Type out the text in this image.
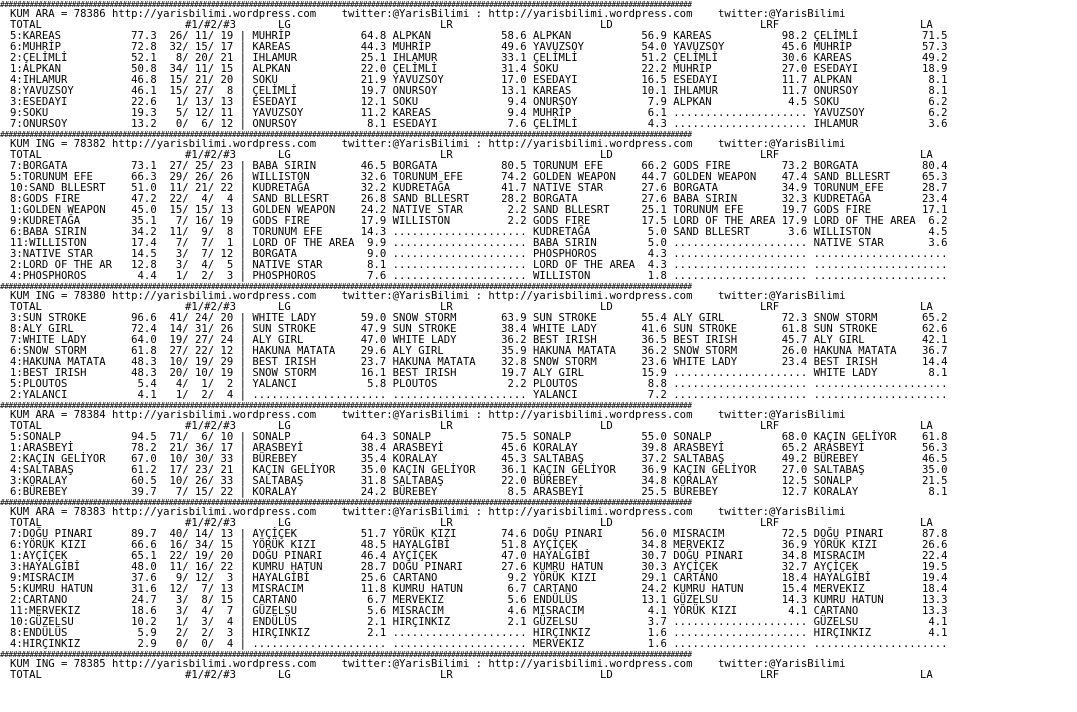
####################################################################################################################################################################
KUM ARA = 78386 http://yarisbilimi.wordpress.com    twitter:@YarisBilimi : http://yarisbilimi.wordpress.com    twitter:@YarisBilimi
TOTAL	#1/#2/#3	LG	LR	LD	LRF	LA
5:KAREAS           77.3  26/ 11/ 19 | MUHRİP           64.8 ALPKAN           58.6 ALPKAN           56.9 KAREAS           98.2 ÇELİMLİ          71.5
6:MUHRİP           72.8  32/ 15/ 17 | KAREAS           44.3 MUHRİP           49.6 YAVUZSOY         54.0 YAVUZSOY         45.6 MUHRİP           57.3
2:ÇELİMLİ          52.1   8/ 20/ 21 | IHLAMUR          25.1 IHLAMUR          33.1 ÇELİMLİ          51.2 ÇELİMLİ          30.6 KAREAS           49.2
1:ALPKAN           50.8  34/ 11/ 15 | ALPKAN           22.0 ÇELİMLİ          31.4 SOKU             22.2 MUHRİP           27.0 ESEDAYI          18.9
4:IHLAMUR          46.8  15/ 21/ 20 | SOKU             21.9 YAVUZSOY         17.0 ESEDAYI          16.5 ESEDAYI          11.7 ALPKAN            8.1
8:YAVUZSOY         46.1  15/ 27/  8 | ÇELİMLİ          19.7 ONURSOY          13.1 KAREAS           10.1 IHLAMUR          11.7 ONURSOY           8.1
3:ESEDAYI          22.6   1/ 13/ 13 | ESEDAYI          12.1 SOKU              9.4 ONURSOY           7.9 ALPKAN            4.5 SOKU              6.2
9:SOKU             19.3   5/ 12/ 11 | YAVUZSOY         11.2 KAREAS            9.4 MUHRİP            6.1 ..................... YAVUZSOY          6.2
7:ONURSOY          13.2   0/  6/ 12 | ONURSOY           8.1 ESEDAYI           7.6 ÇELİMLİ           4.3 ..................... IHLAMUR           3.6
####################################################################################################################################################################
KUM ING = 78382 http://yarisbilimi.wordpress.com    twitter:@YarisBilimi : http://yarisbilimi.wordpress.com    twitter:@YarisBilimi
TOTAL	#1/#2/#3	LG	LR	LD	LRF	LA
7:BORGATA          73.1  27/ 25/ 23 | BABA SIRIN       46.5 BORGATA          80.5 TORUNUM EFE      66.2 GODS FIRE        73.2 BORGATA          80.4
5:TORUNUM EFE      66.3  29/ 26/ 26 | WILLISTON        32.6 TORUNUM EFE      74.2 GOLDEN WEAPON    44.7 GOLDEN WEAPON    47.4 SAND BLLESRT     65.3
10:SAND BLLESRT    51.0  11/ 21/ 22 | KUDRETAĞA        32.2 KUDRETAĞA        41.7 NATIVE STAR      27.6 BORGATA          34.9 TORUNUM EFE      28.7
8:GODS FIRE        47.2  22/  4/  4 | SAND BLLESRT     26.8 SAND BLLESRT     28.2 BORGATA          27.6 BABA SIRIN       32.3 KUDRETAĞA        23.4
1:GOLDEN WEAPON    45.0  15/ 15/ 13 | GOLDEN WEAPON    24.2 NATIVE STAR       2.2 SAND BLLESRT     25.1 TORUNUM EFE      19.7 GODS FIRE        17.1
9:KUDRETAĞA        35.1   7/ 16/ 19 | GODS FIRE        17.9 WILLISTON         2.2 GODS FIRE        17.5 LORD OF THE AREA 17.9 LORD OF THE AREA  6.2
6:BABA SIRIN       34.2  11/  9/  8 | TORUNUM EFE      14.3 ..................... KUDRETAĞA         5.0 SAND BLLESRT      3.6 WILLISTON         4.5
11:WILLISTON       17.4   7/  7/  1 | LORD OF THE AREA  9.9 ..................... BABA SIRIN        5.0 ..................... NATIVE STAR       3.6
3:NATIVE STAR      14.5   3/  7/ 12 | BORGATA           9.0 ..................... PHOSPHOROS        4.3 ..................... .....................
2:LORD OF THE AR   12.8   3/  4/  5 | NATIVE STAR       8.1 ..................... LORD OF THE AREA  4.3 ..................... .....................
4:PHOSPHOROS        4.4   1/  2/  3 | PHOSPHOROS        7.6 ..................... WILLISTON         1.8 ..................... .....................
####################################################################################################################################################################
KUM ING = 78380 http://yarisbilimi.wordpress.com    twitter:@YarisBilimi : http://yarisbilimi.wordpress.com    twitter:@YarisBilimi
TOTAL	#1/#2/#3	LG	LR	LD	LRF	LA
3:SUN STROKE       96.6  41/ 24/ 20 | WHITE LADY       59.0 SNOW STORM       63.9 SUN STROKE       55.4 ALY GIRL         72.3 SNOW STORM       65.2
8:ALY GIRL         72.4  14/ 31/ 26 | SUN STROKE       47.9 SUN STROKE       38.4 WHITE LADY       41.6 SUN STROKE       61.8 SUN STROKE       62.6
7:WHITE LADY       64.0  19/ 27/ 24 | ALY GIRL         47.0 WHITE LADY       36.2 BEST IRISH       36.5 BEST IRISH       45.7 ALY GIRL         42.1
6:SNOW STORM       61.8  27/ 22/ 12 | HAKUNA MATATA    29.6 ALY GIRL         35.9 HAKUNA MATATA    36.2 SNOW STORM       26.0 HAKUNA MATATA    36.7
4:HAKUNA MATATA    48.3  10/ 19/ 29 | BEST IRISH       23.7 HAKUNA MATATA    32.8 SNOW STORM       23.6 WHITE LADY       23.4 BEST IRISH       14.4
1:BEST IRISH       48.3  20/ 10/ 19 | SNOW STORM       16.1 BEST IRISH       19.7 ALY GIRL         15.9 ..................... WHITE LADY        8.1
5:PLOUTOS           5.4   4/  1/  2 | YALANCI           5.8 PLOUTOS           2.2 PLOUTOS           8.8 ..................... .....................
2:YALANCI           4.1   1/  2/  4 | ..................... ..................... YALANCI           7.2 ..................... .....................
####################################################################################################################################################################
KUM ARA = 78384 http://yarisbilimi.wordpress.com    twitter:@YarisBilimi : http://yarisbilimi.wordpress.com    twitter:@YarisBilimi
TOTAL	#1/#2/#3	LG	LR	LD	LRF	LA
5:SONALP           94.5  71/  6/ 10 | SONALP           64.3 SONALP           75.5 SONALP           55.0 SONALP           68.0 KAÇIN GELİYOR    61.8
1:ARASBEYİ         78.2  21/ 36/ 17 | ARASBEYİ         38.4 ARASBEYİ         45.6 KORALAY          39.8 ARASBEYİ         65.2 ARASBEYİ         56.3
2:KAÇIN GELİYOR    67.0  10/ 30/ 33 | BÜREBEY          35.4 KORALAY          45.3 SALTABAŞ         37.2 SALTABAŞ         49.2 BÜREBEY          46.5
4:SALTABAŞ         61.2  17/ 23/ 21 | KAÇIN GELİYOR    35.0 KAÇIN GELİYOR    36.1 KAÇIN GELİYOR    36.9 KAÇIN GELİYOR    27.0 SALTABAŞ         35.0
3:KORALAY          60.5  10/ 26/ 33 | SALTABAŞ         31.8 SALTABAŞ         22.0 BÜREBEY          34.8 KORALAY          12.5 SONALP           21.5
6:BÜREBEY          39.7   7/ 15/ 22 | KORALAY          24.2 BÜREBEY           8.5 ARASBEYİ         25.5 BÜREBEY          12.7 KORALAY           8.1
####################################################################################################################################################################
KUM ARA = 78383 http://yarisbilimi.wordpress.com    twitter:@YarisBilimi : http://yarisbilimi.wordpress.com    twitter:@YarisBilimi
TOTAL	#1/#2/#3	LG	LR	LD	LRF	LA
7:DOĞU PINARI      89.7  40/ 14/ 13 | AYÇİÇEK          51.7 YÖRÜK KIZI       74.6 DOĞU PINARI      56.0 MISRACIM         72.5 DOĞU PINARI      87.8
6:YÖRÜK KIZI       66.6  16/ 34/ 15 | YÖRÜK KIZI       48.5 HAYALGİBİ        51.8 AYÇİÇEK          34.8 MERVEKIZ         36.9 YÖRÜK KIZI       26.6
1:AYÇİÇEK          65.1  22/ 19/ 20 | DOĞU PINARI      46.4 AYÇİÇEK          47.0 HAYALGİBİ        30.7 DOĞU PINARI      34.8 MISRACIM         22.4
3:HAYALGİBİ        48.0  11/ 16/ 22 | KUMRU HATUN      28.7 DOĞU PINARI      27.6 KUMRU HATUN      30.3 AYÇİÇEK          32.7 AYÇİÇEK          19.5
9:MISRACIM         37.6   9/ 12/  3 | HAYALGİBİ        25.6 CARTANO           9.2 YÖRÜK KIZI       29.1 CARTANO          18.4 HAYALGİBİ        19.4
5:KUMRU HATUN      31.6  12/  7/ 13 | MISRACIM         11.8 KUMRU HATUN       6.7 CARTANO          24.2 KUMRU HATUN      15.4 MERVEKIZ         18.4
2:CARTANO          24.7   3/  8/ 15 | CARTANO           6.7 MERVEKIZ          5.6 ENDÜLÜS          13.1 GÜZELSU          14.3 KUMRU HATUN      13.3
11:MERVEKIZ        18.6   3/  4/  7 | GÜZELSU           5.6 MISRACIM          4.6 MISRACIM          4.1 YÖRÜK KIZI        4.1 CARTANO          13.3
10:GÜZELSU         10.2   1/  3/  4 | ENDÜLÜS           2.1 HIRÇINKIZ         2.1 GÜZELSU           3.7 ..................... GÜZELSU           4.1
8:ENDÜLÜS           5.9   2/  2/  3 | HIRÇINKIZ         2.1 ..................... HIRÇINKIZ         1.6 ..................... HIRÇINKIZ         4.1
4:HIRÇINKIZ         2.9   0/  0/  4 | ..................... ..................... MERVEKIZ          1.6 ..................... .....................
####################################################################################################################################################################
KUM ING = 78385 http://yarisbilimi.wordpress.com    twitter:@YarisBilimi : http://yarisbilimi.wordpress.com    twitter:@YarisBilimi
TOTAL	#1/#2/#3	LG	LR	LD	LRF	LA
